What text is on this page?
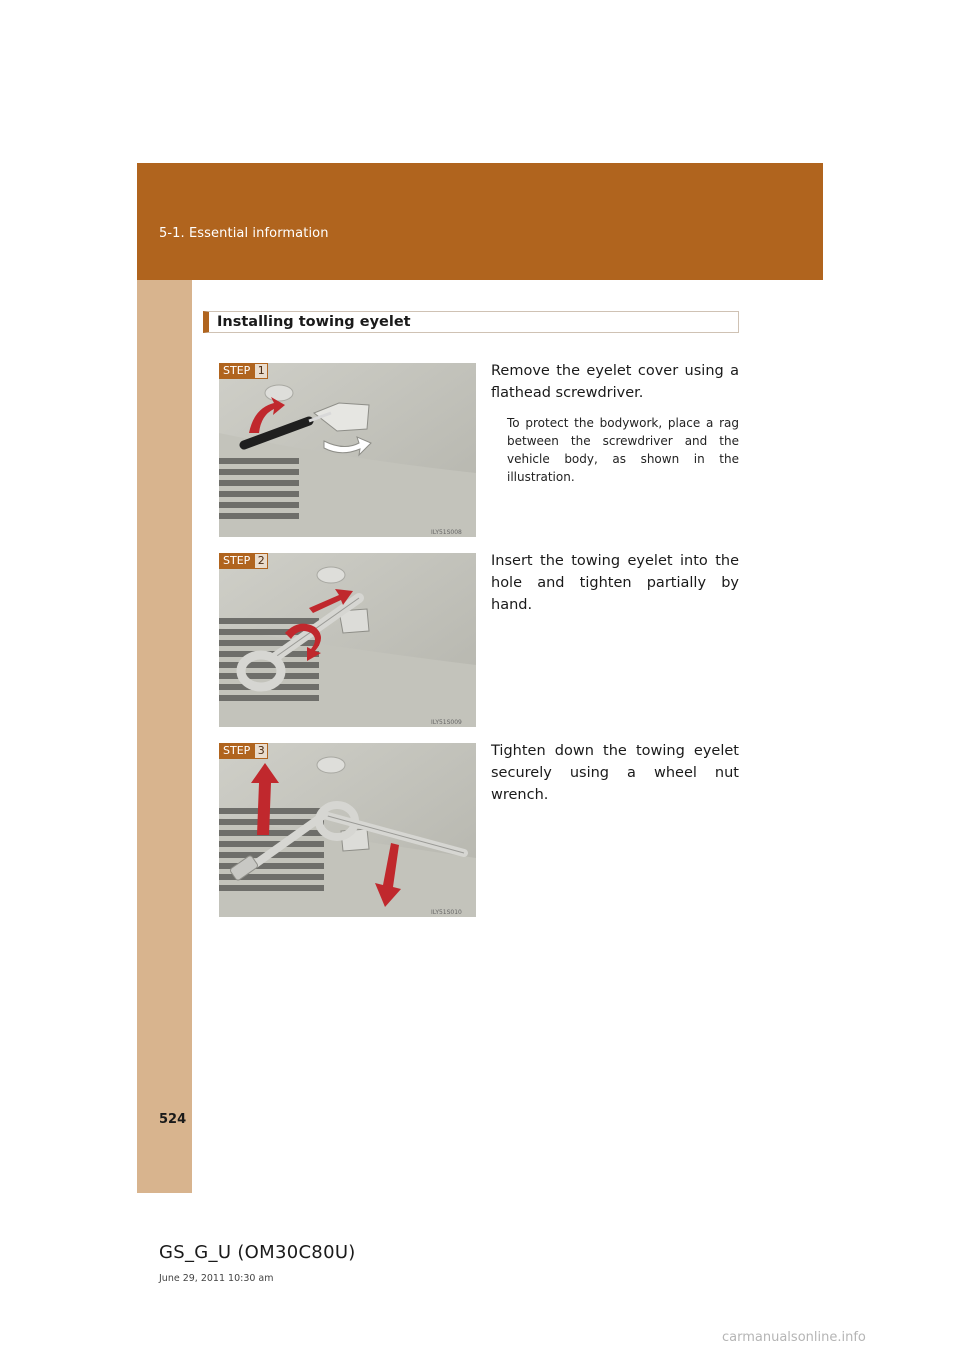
5-1. Essential information
Installing towing eyelet
ILY51S008
STEP 1	Remove the eyelet cover using a flathead screwdriver.
To protect the bodywork, place a rag between the screwdriver and the vehicle body, as shown in the illustration.
ILY51S009
STEP 2	Insert the towing eyelet into the hole and tighten partially by hand.
ILY51S010
STEP 3	Tighten down the towing eyelet securely using a wheel nut wrench.
524
GS_G_U (OM30C80U)
June 29, 2011 10:30 am
carmanualsonline.info
